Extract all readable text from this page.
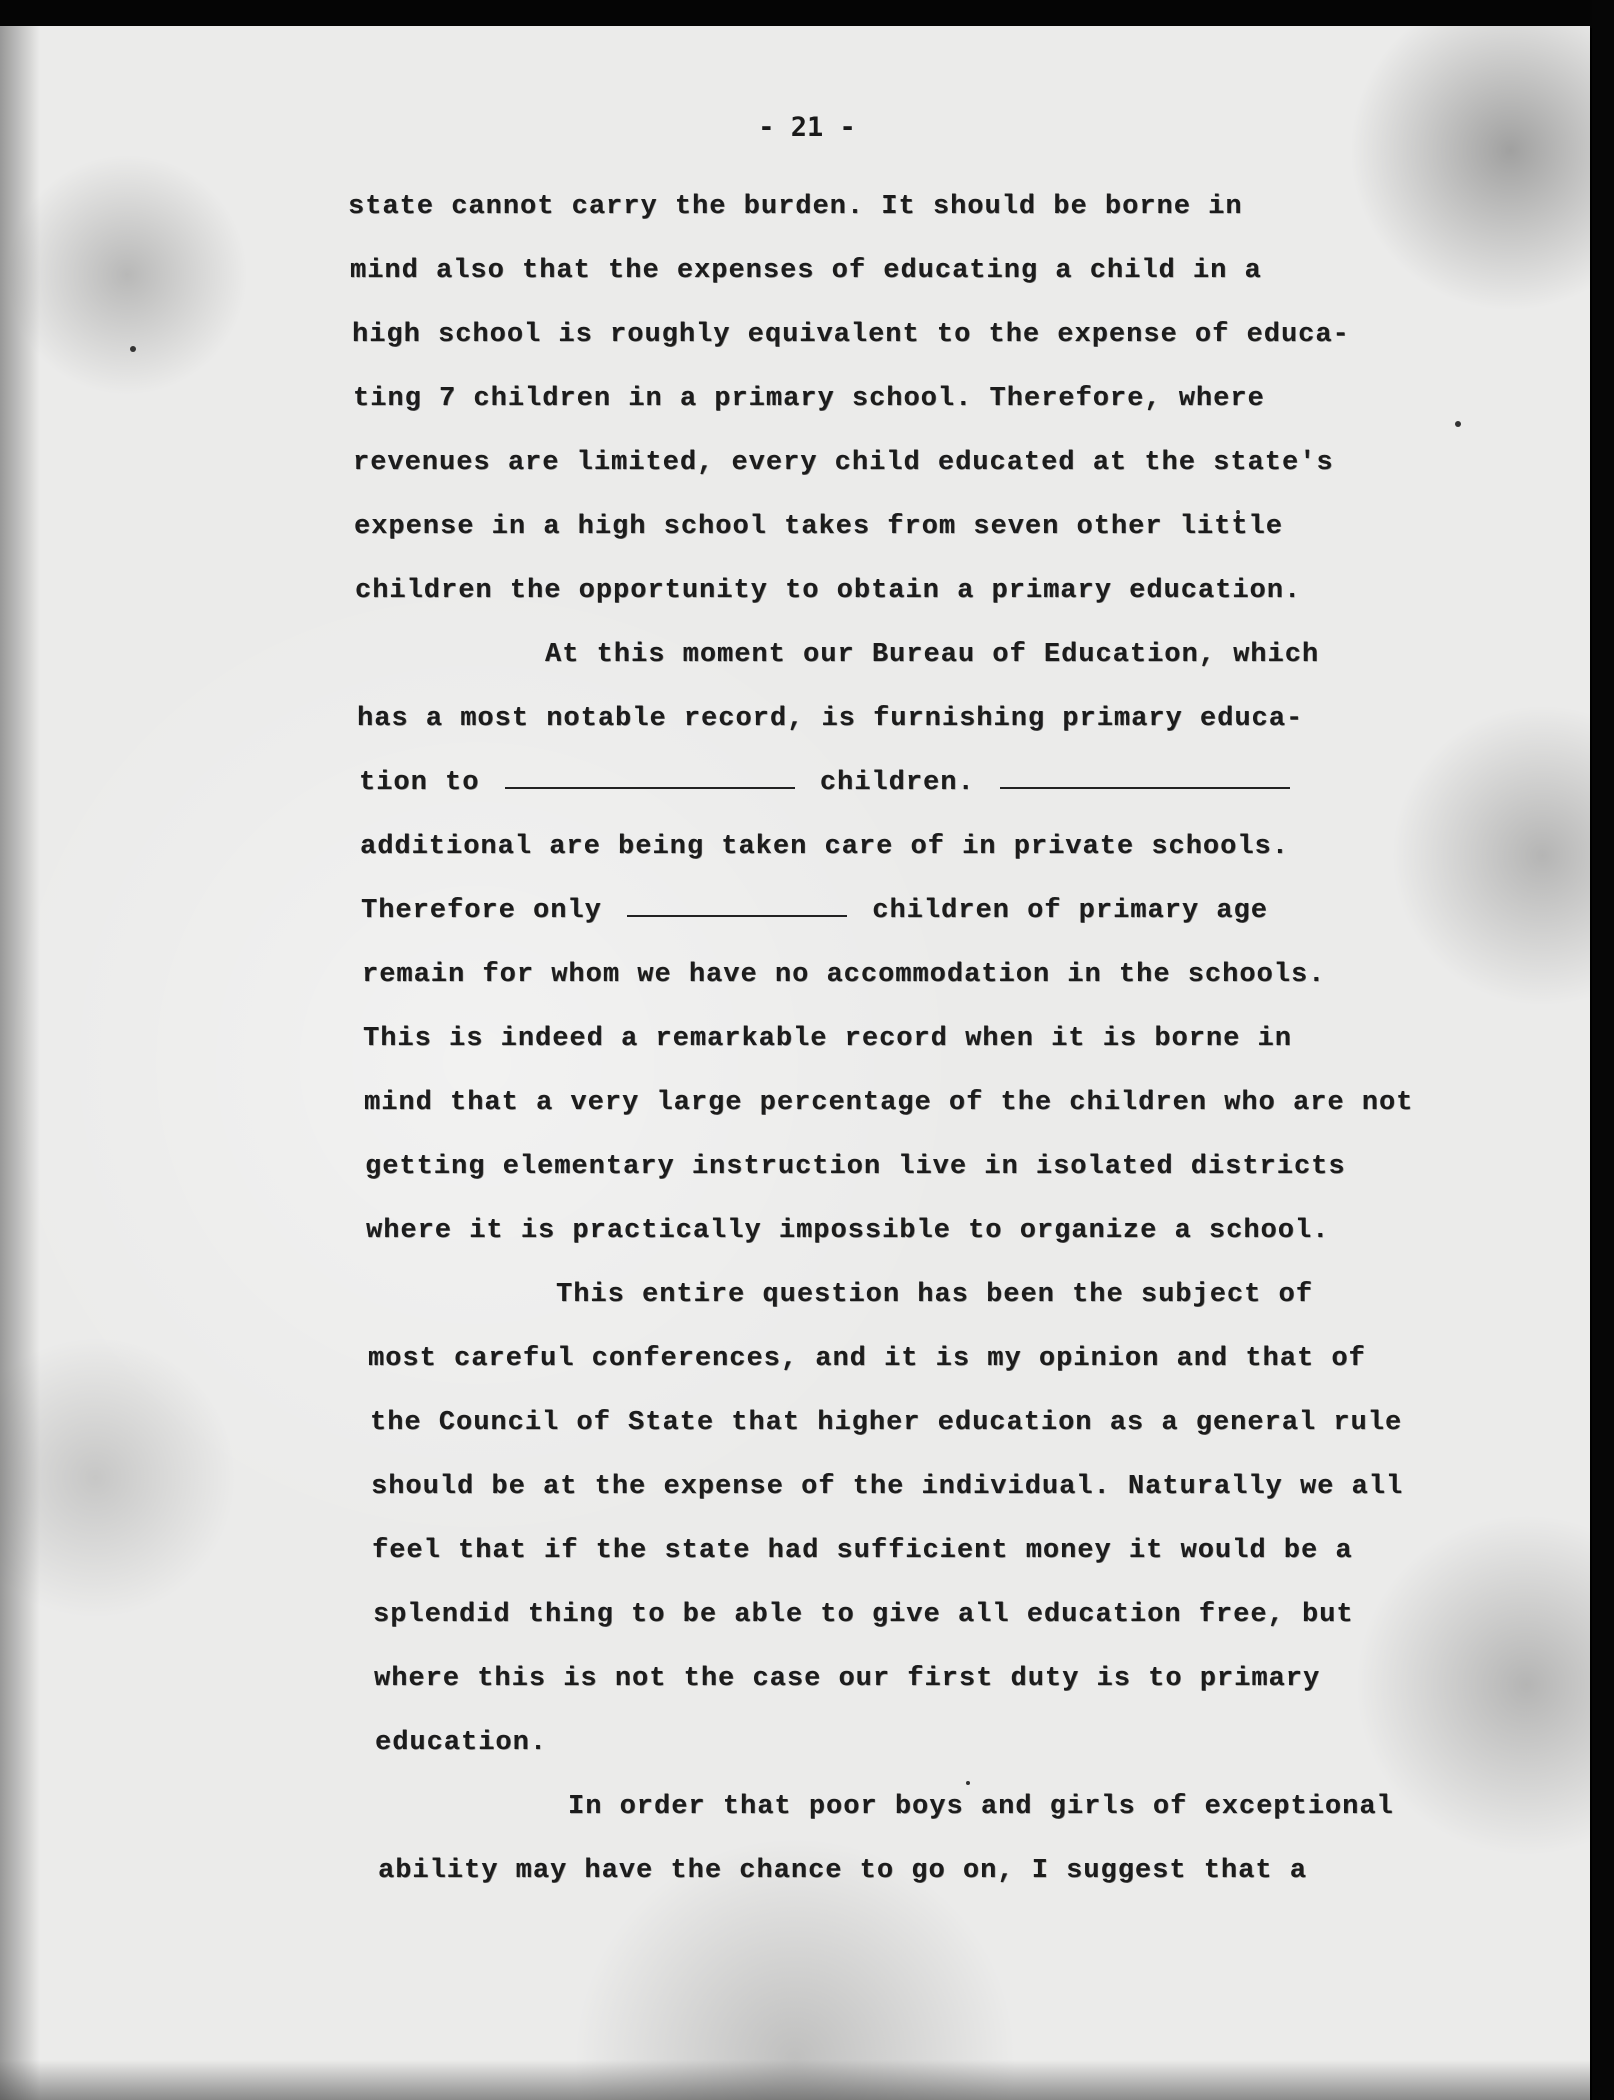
- 21 -
state cannot carry the burden. It should be borne in
mind also that the expenses of educating a child in a
high school is roughly equivalent to the expense of educa-
ting 7 children in a primary school. Therefore, where
revenues are limited, every child educated at the state's
expense in a high school takes from seven other little
children the opportunity to obtain a primary education.
At this moment our Bureau of Education, which
has a most notable record, is furnishing primary educa-
tion to	children.
additional are being taken care of in private schools.
Therefore only	children of primary age
remain for whom we have no accommodation in the schools.
This is indeed a remarkable record when it is borne in
mind that a very large percentage of the children who are not
getting elementary instruction live in isolated districts
where it is practically impossible to organize a school.
This entire question has been the subject of
most careful conferences, and it is my opinion and that of
the Council of State that higher education as a general rule
should be at the expense of the individual. Naturally we all
feel that if the state had sufficient money it would be a
splendid thing to be able to give all education free, but
where this is not the case our first duty is to primary
education.
In order that poor boys and girls of exceptional
ability may have the chance to go on, I suggest that a
